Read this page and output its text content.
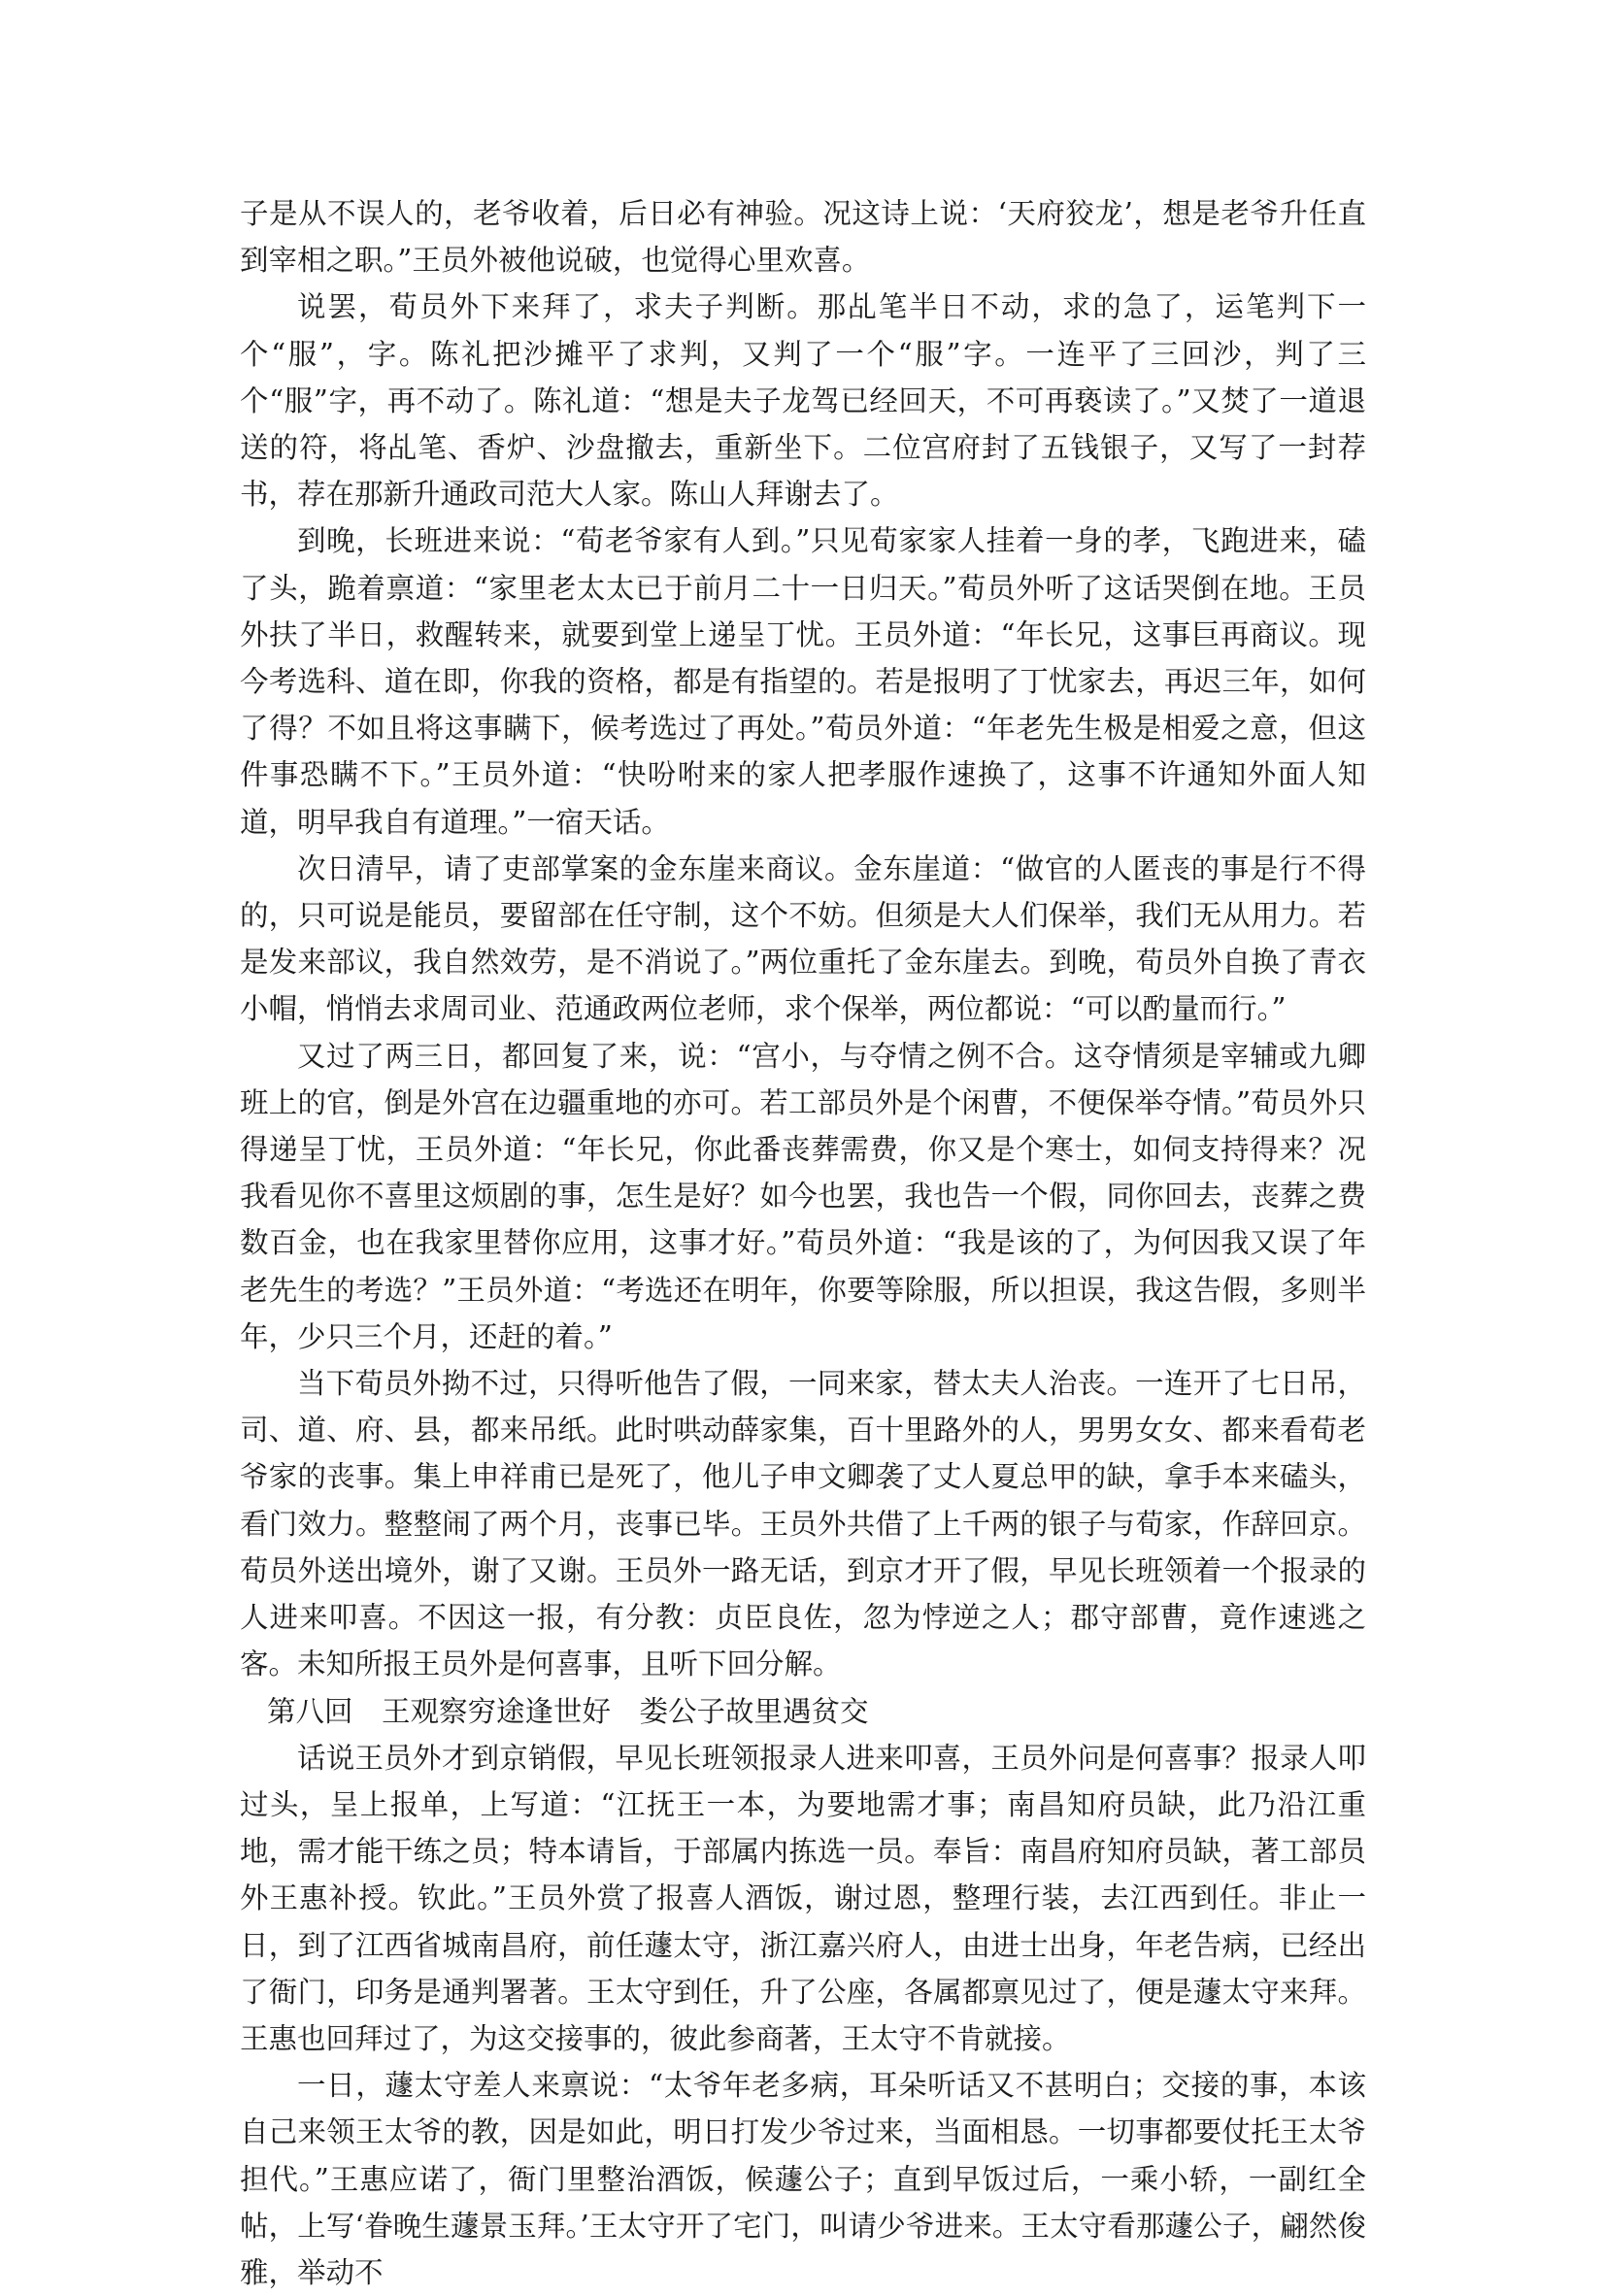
子是从不误人的，老爷收着，后日必有神验。况这诗上说：‘天府狡龙’，想是老爷升任直到宰相之职。”王员外被他说破，也觉得心里欢喜。

说罢，荀员外下来拜了，求夫子判断。那乩笔半日不动，求的急了，运笔判下一个“服”，字。陈礼把沙摊平了求判，又判了一个“服”字。一连平了三回沙，判了三个“服”字，再不动了。陈礼道：“想是夫子龙驾已经回天，不可再亵读了。”又焚了一道退送的符，将乩笔、香炉、沙盘撤去，重新坐下。二位宫府封了五钱银子，又写了一封荐书，荐在那新升通政司范大人家。陈山人拜谢去了。

到晚，长班进来说：“荀老爷家有人到。”只见荀家家人挂着一身的孝，飞跑进来，磕了头，跪着禀道：“家里老太太已于前月二十一日归天。”荀员外听了这话哭倒在地。王员外扶了半日，救醒转来，就要到堂上递呈丁忧。王员外道：“年长兄，这事巨再商议。现今考选科、道在即，你我的资格，都是有指望的。若是报明了丁忧家去，再迟三年，如何了得？不如且将这事瞒下，候考选过了再处。”荀员外道：“年老先生极是相爱之意，但这件事恐瞒不下。”王员外道：“快吩咐来的家人把孝服作速换了，这事不许通知外面人知道，明早我自有道理。”一宿天话。

次日清早，请了吏部掌案的金东崖来商议。金东崖道：“做官的人匿丧的事是行不得的，只可说是能员，要留部在任守制，这个不妨。但须是大人们保举，我们无从用力。若是发来部议，我自然效劳，是不消说了。”两位重托了金东崖去。到晚，荀员外自换了青衣小帽，悄悄去求周司业、范通政两位老师，求个保举，两位都说：“可以酌量而行。”

又过了两三日，都回复了来，说：“宫小，与夺情之例不合。这夺情须是宰辅或九卿班上的官，倒是外宫在边疆重地的亦可。若工部员外是个闲曹，不便保举夺情。”荀员外只得递呈丁忧，王员外道：“年长兄，你此番丧葬需费，你又是个寒士，如伺支持得来？况我看见你不喜里这烦剧的事，怎生是好？如今也罢，我也告一个假，同你回去，丧葬之费数百金，也在我家里替你应用，这事才好。”荀员外道：“我是该的了，为何因我又误了年老先生的考选？”王员外道：“考选还在明年，你要等除服，所以担误，我这告假，多则半年，少只三个月，还赶的着。”

当下荀员外拗不过，只得听他告了假，一同来家，替太夫人治丧。一连开了七日吊，司、道、府、县，都来吊纸。此时哄动薛家集，百十里路外的人，男男女女、都来看荀老爷家的丧事。集上申祥甫已是死了，他儿子申文卿袭了丈人夏总甲的缺，拿手本来磕头，看门效力。整整闹了两个月，丧事已毕。王员外共借了上千两的银子与荀家，作辞回京。荀员外送出境外，谢了又谢。王员外一路无话，到京才开了假，早见长班领着一个报录的人进来叩喜。不因这一报，有分教：贞臣良佐，忽为悖逆之人；郡守部曹，竟作速逃之客。未知所报王员外是何喜事，且听下回分解。

第八回　王观察穷途逢世好　娄公子故里遇贫交

话说王员外才到京销假，早见长班领报录人进来叩喜，王员外问是何喜事？报录人叩过头，呈上报单，上写道：“江抚王一本，为要地需才事；南昌知府员缺，此乃沿江重地，需才能干练之员；特本请旨，于部属内拣选一员。奉旨：南昌府知府员缺，著工部员外王惠补授。钦此。”王员外赏了报喜人酒饭，谢过恩，整理行装，去江西到任。非止一日，到了江西省城南昌府，前任蘧太守，浙江嘉兴府人，由进士出身，年老告病，已经出了衙门，印务是通判署著。王太守到任，升了公座，各属都禀见过了，便是蘧太守来拜。王惠也回拜过了，为这交接事的，彼此参商著，王太守不肯就接。

一日，蘧太守差人来禀说：“太爷年老多病，耳朵听话又不甚明白；交接的事，本该自己来领王太爷的教，因是如此，明日打发少爷过来，当面相恳。一切事都要仗托王太爷担代。”王惠应诺了，衙门里整治酒饭，候蘧公子；直到早饭过后，一乘小轿，一副红全帖，上写‘眷晚生蘧景玉拜。’王太守开了宅门，叫请少爷进来。王太守看那蘧公子，翩然俊雅，举动不
